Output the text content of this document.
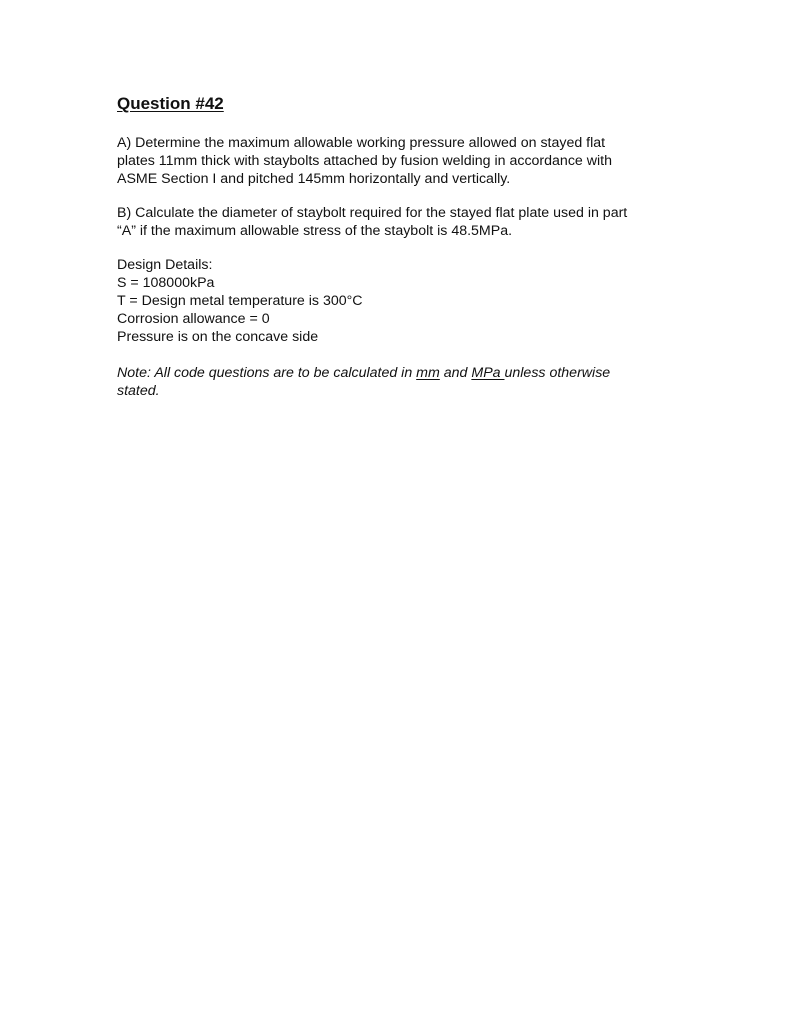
Question #42
A) Determine the maximum allowable working pressure allowed on stayed flat
plates 11mm thick with staybolts attached by fusion welding in accordance with
ASME Section I and pitched 145mm horizontally and vertically.
B) Calculate the diameter of staybolt required for the stayed flat plate used in part
“A” if the maximum allowable stress of the staybolt is 48.5MPa.
Design Details:
S = 108000kPa
T = Design metal temperature is 300°C
Corrosion allowance = 0
Pressure is on the concave side
Note: All code questions are to be calculated in mm and MPa unless otherwise
stated.
